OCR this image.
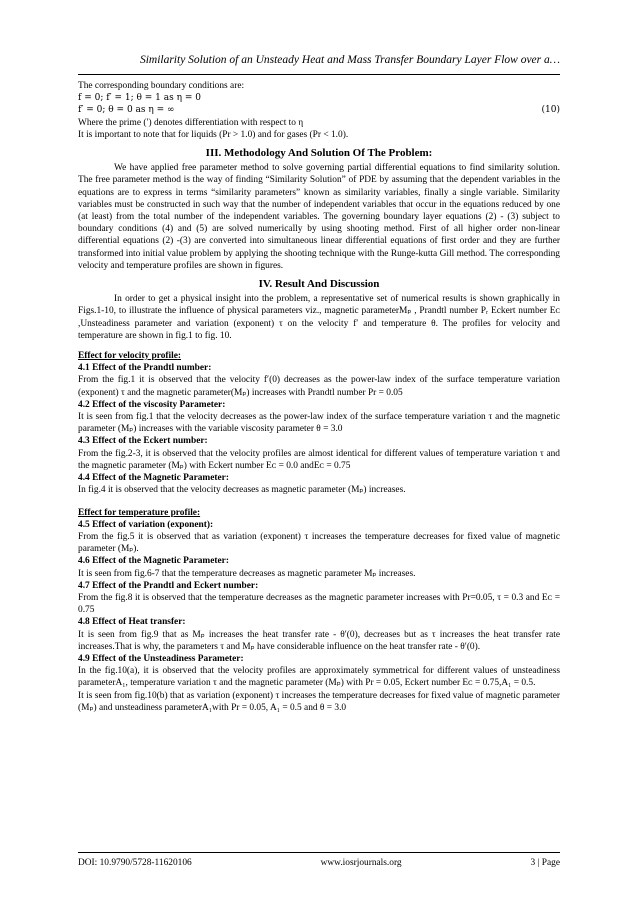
Similarity Solution of an Unsteady Heat and Mass Transfer Boundary Layer Flow over a…

The corresponding boundary conditions are:

f = 0; f′ = 1; θ = 1 as η = 0
f′ = 0; θ = 0 as η = ∞	(10)

Where the prime (′) denotes differentiation with respect to η

It is important to note that for liquids (Pr > 1.0) and for gases (Pr < 1.0).

III. Methodology And Solution Of The Problem:

We have applied free parameter method to solve governing partial differential equations to find similarity solution. The free parameter method is the way of finding “Similarity Solution” of PDE by assuming that the dependent variables in the equations are to express in terms “similarity parameters” known as similarity variables, finally a single variable. Similarity variables must be constructed in such way that the number of independent variables that occur in the equations reduced by one (at least) from the total number of the independent variables. The governing boundary layer equations (2) - (3) subject to boundary conditions (4) and (5) are solved numerically by using shooting method. First of all higher order non-linear differential equations (2) -(3) are converted into simultaneous linear differential equations of first order and they are further transformed into initial value problem by applying the shooting technique with the Runge-kutta Gill method. The corresponding velocity and temperature profiles are shown in figures.

IV. Result And Discussion

In order to get a physical insight into the problem, a representative set of numerical results is shown graphically in Figs.1-10, to illustrate the influence of physical parameters viz., magnetic parameterMₚ , Prandtl number Pᵣ Eckert number Eᴄ ,Unsteadiness parameter and variation (exponent) τ on the velocity f′ and temperature θ. The profiles for velocity and temperature are shown in fig.1 to fig. 10.

Effect for velocity profile:
4.1 Effect of the Prandtl number:

From the fig.1 it is observed that the velocity f′(0) decreases as the power-law index of the surface temperature variation (exponent) τ and the magnetic parameter(Mₚ) increases with Prandtl number Pr = 0.05

4.2 Effect of the viscosity Parameter:

It is seen from fig.1 that the velocity decreases as the power-law index of the surface temperature variation τ and the magnetic parameter (Mₚ) increases with the variable viscosity parameter θ = 3.0

4.3 Effect of the Eckert number:

From the fig.2-3, it is observed that the velocity profiles are almost identical for different values of temperature variation τ and the magnetic parameter (Mₚ) with Eckert number Eᴄ = 0.0 andEᴄ = 0.75

4.4 Effect of the Magnetic Parameter:

In fig.4 it is observed that the velocity decreases as magnetic parameter (Mₚ) increases.

Effect for temperature profile:
4.5 Effect of variation (exponent):

From the fig.5 it is observed that as variation (exponent) τ increases the temperature decreases for fixed value of magnetic parameter (Mₚ).

4.6 Effect of the Magnetic Parameter:

It is seen from fig.6-7 that the temperature decreases as magnetic parameter Mₚ increases.

4.7 Effect of the Prandtl and Eckert number:

From the fig.8 it is observed that the temperature decreases as the magnetic parameter increases with Pr=0.05, τ = 0.3 and Eᴄ = 0.75

4.8 Effect of Heat transfer:

It is seen from fig.9 that as Mₚ increases the heat transfer rate - θ′(0), decreases but as τ increases the heat transfer rate increases.That is why, the parameters τ and Mₚ have considerable influence on the heat transfer rate - θ′(0).

4.9 Effect of the Unsteadiness Parameter:

In the fig.10(a), it is observed that the velocity profiles are approximately symmetrical for different values of unsteadiness parameterA₁, temperature variation τ and the magnetic parameter (Mₚ) with Pr = 0.05, Eckert number Eᴄ = 0.75,A₁ = 0.5.

It is seen from fig.10(b) that as variation (exponent) τ increases the temperature decreases for fixed value of magnetic parameter (Mₚ) and unsteadiness parameterA₁with Pr = 0.05, A₁ = 0.5 and θ = 3.0

DOI: 10.9790/5728-11620106	www.iosrjournals.org	3 | Page
